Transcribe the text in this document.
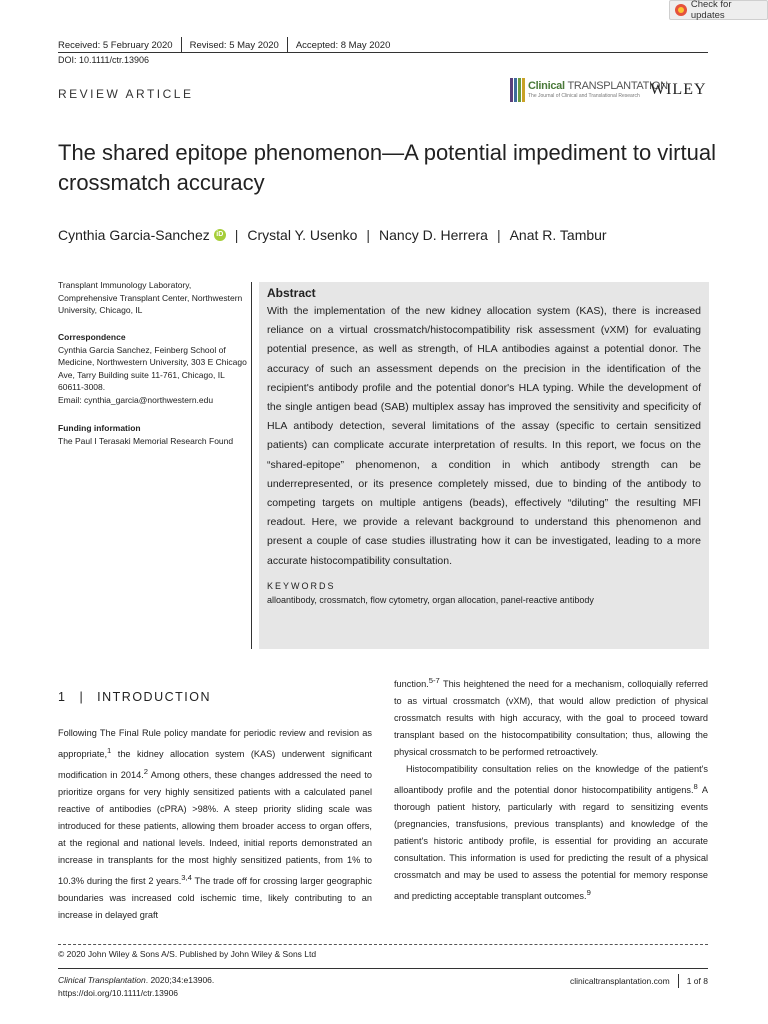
Check for updates
Received: 5 February 2020 Revised: 5 May 2020 Accepted: 8 May 2020
DOI: 10.1111/ctr.13906
REVIEW ARTICLE
Clinical TRANSPLANTATION
The Journal of Clinical and Translational Research WILEY
The shared epitope phenomenon—A potential impediment to virtual crossmatch accuracy
Cynthia Garcia-Sanchez iD | Crystal Y. Usenko | Nancy D. Herrera | Anat R. Tambur
Transplant Immunology Laboratory, Comprehensive Transplant Center, Northwestern University, Chicago, IL
Correspondence
Cynthia Garcia Sanchez, Feinberg School of Medicine, Northwestern University, 303 E Chicago Ave, Tarry Building suite 11-761, Chicago, IL 60611-3008.
Email: cynthia_garcia@northwestern.edu
Funding information
The Paul I Terasaki Memorial Research Found
Abstract
With the implementation of the new kidney allocation system (KAS), there is increased reliance on a virtual crossmatch/histocompatibility risk assessment (vXM) for evaluating potential presence, as well as strength, of HLA antibodies against a potential donor. The accuracy of such an assessment depends on the precision in the identification of the recipient's antibody profile and the potential donor's HLA typing. While the development of the single antigen bead (SAB) multiplex assay has improved the sensitivity and specificity of HLA antibody detection, several limitations of the assay (specific to certain sensitized patients) can complicate accurate interpretation of results. In this report, we focus on the “shared-epitope” phenomenon, a condition in which antibody strength can be underrepresented, or its presence completely missed, due to binding of the antibody to competing targets on multiple antigens (beads), effectively “diluting” the resulting MFI readout. Here, we provide a relevant background to understand this phenomenon and present a couple of case studies illustrating how it can be investigated, leading to a more accurate histocompatibility consultation.
KEYWORDS
alloantibody, crossmatch, flow cytometry, organ allocation, panel-reactive antibody
1 | INTRODUCTION

Following The Final Rule policy mandate for periodic review and revision as appropriate,$^1$ the kidney allocation system (KAS) underwent significant modification in 2014.$^2$ Among others, these changes addressed the need to prioritize organs for very highly sensitized patients with a calculated panel reactive of antibodies (cPRA) >98%. A steep priority sliding scale was introduced for these patients, allowing them broader access to organ offers, at the regional and national levels. Indeed, initial reports demonstrated an increase in transplants for the most highly sensitized patients, from 1% to 10.3% during the first 2 years.$^{3,4}$ The trade off for crossing larger geographic boundaries was increased cold ischemic time, likely contributing to an increase in delayed graft

function.$^{5-7}$ This heightened the need for a mechanism, colloquially referred to as virtual crossmatch (vXM), that would allow prediction of physical crossmatch results with high accuracy, with the goal to proceed toward transplant based on the histocompatibility consultation; thus, allowing the physical crossmatch to be performed retroactively.

Histocompatibility consultation relies on the knowledge of the patient's alloantibody profile and the potential donor histocompatibility antigens.$^8$ A thorough patient history, particularly with regard to sensitizing events (pregnancies, transfusions, previous transplants) and knowledge of the patient's historic antibody profile, is essential for providing an accurate consultation. This information is used for predicting the result of a physical crossmatch and may be used to assess the potential for memory response and predicting acceptable transplant outcomes.$^9$

© 2020 John Wiley & Sons A/S. Published by John Wiley & Sons Ltd
Clinical Transplantation. 2020;34:e13906.
https://doi.org/10.1111/ctr.13906
clinicaltransplantation.com 1 of 8
